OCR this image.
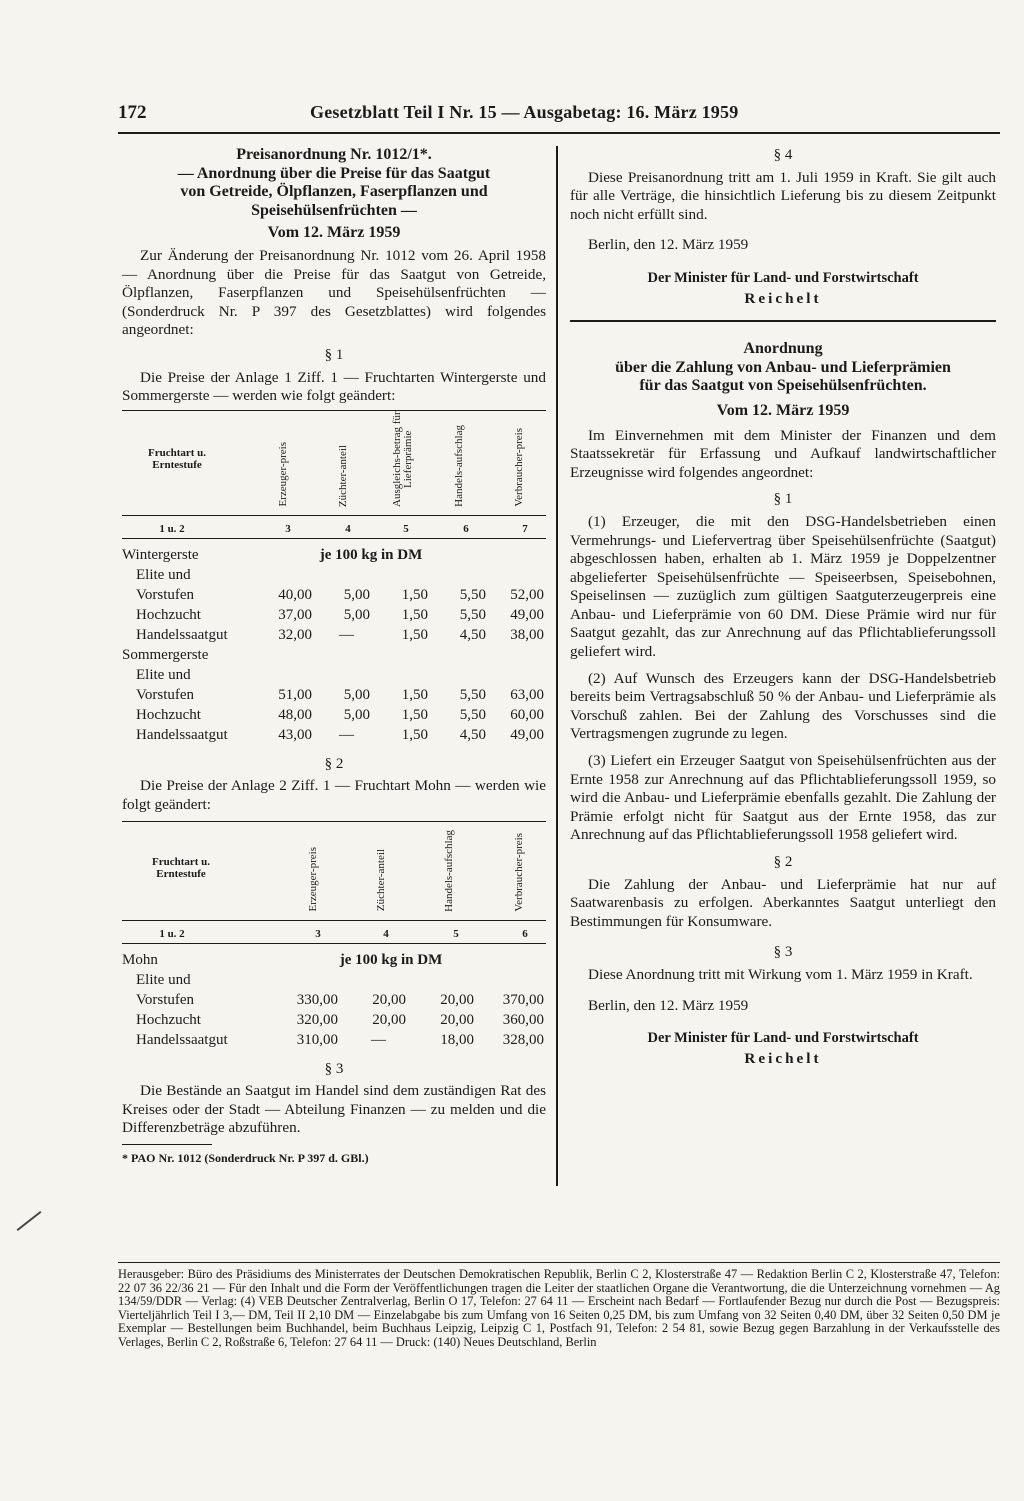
172	Gesetzblatt Teil I Nr. 15 — Ausgabetag: 16. März 1959

Preisanordnung Nr. 1012/1*.

— Anordnung über die Preise für das Saatgut

von Getreide, Ölpflanzen, Faserpflanzen und

Speisehülsenfrüchten —

Vom 12. März 1959

Zur Änderung der Preisanordnung Nr. 1012 vom 26. April 1958 — Anordnung über die Preise für das Saatgut von Getreide, Ölpflanzen, Faserpflanzen und Speisehülsenfrüchten — (Sonderdruck Nr. P 397 des Gesetzblattes) wird folgendes angeordnet:

§ 1

Die Preise der Anlage 1 Ziff. 1 — Fruchtarten Wintergerste und Sommergerste — werden wie folgt geändert:

Fruchtart u. Erntestufe	Erzeuger-preis	Züchter-anteil	Ausgleichs-betrag für Lieferprämie	Handels-aufschlag	Verbraucher-preis
1 u. 2	3	4	5	6	7
Wintergerste	je 100 kg in DM				
Elite und					
Vorstufen	40,00	5,00	1,50	5,50	52,00
Hochzucht	37,00	5,00	1,50	5,50	49,00
Handelssaatgut	32,00	—	1,50	4,50	38,00
Sommergerste					
Elite und					
Vorstufen	51,00	5,00	1,50	5,50	63,00
Hochzucht	48,00	5,00	1,50	5,50	60,00
Handelssaatgut	43,00	—	1,50	4,50	49,00

§ 2

Die Preise der Anlage 2 Ziff. 1 — Fruchtart Mohn — werden wie folgt geändert:

Fruchtart u. Erntestufe	Erzeuger-preis	Züchter-anteil	Handels-aufschlag	Verbraucher-preis
1 u. 2	3	4	5	6
Mohn	je 100 kg in DM			
Elite und				
Vorstufen	330,00	20,00	20,00	370,00
Hochzucht	320,00	20,00	20,00	360,00
Handelssaatgut	310,00	—	18,00	328,00

§ 3

Die Bestände an Saatgut im Handel sind dem zuständigen Rat des Kreises oder der Stadt — Abteilung Finanzen — zu melden und die Differenzbeträge abzuführen.

* PAO Nr. 1012 (Sonderdruck Nr. P 397 d. GBl.)

§ 4

Diese Preisanordnung tritt am 1. Juli 1959 in Kraft. Sie gilt auch für alle Verträge, die hinsichtlich Lieferung bis zu diesem Zeitpunkt noch nicht erfüllt sind.

Berlin, den 12. März 1959

Der Minister für Land- und Forstwirtschaft

Reichelt

Anordnung

über die Zahlung von Anbau- und Lieferprämien

für das Saatgut von Speisehülsenfrüchten.

Vom 12. März 1959

Im Einvernehmen mit dem Minister der Finanzen und dem Staatssekretär für Erfassung und Aufkauf landwirtschaftlicher Erzeugnisse wird folgendes angeordnet:

§ 1

(1) Erzeuger, die mit den DSG-Handelsbetrieben einen Vermehrungs- und Liefervertrag über Speisehülsenfrüchte (Saatgut) abgeschlossen haben, erhalten ab 1. März 1959 je Doppelzentner abgelieferter Speisehülsenfrüchte — Speiseerbsen, Speisebohnen, Speiselinsen — zuzüglich zum gültigen Saatguterzeugerpreis eine Anbau- und Lieferprämie von 60 DM. Diese Prämie wird nur für Saatgut gezahlt, das zur Anrechnung auf das Pflichtablieferungssoll geliefert wird.

(2) Auf Wunsch des Erzeugers kann der DSG-Handelsbetrieb bereits beim Vertragsabschluß 50 % der Anbau- und Lieferprämie als Vorschuß zahlen. Bei der Zahlung des Vorschusses sind die Vertragsmengen zugrunde zu legen.

(3) Liefert ein Erzeuger Saatgut von Speisehülsenfrüchten aus der Ernte 1958 zur Anrechnung auf das Pflichtablieferungssoll 1959, so wird die Anbau- und Lieferprämie ebenfalls gezahlt. Die Zahlung der Prämie erfolgt nicht für Saatgut aus der Ernte 1958, das zur Anrechnung auf das Pflichtablieferungssoll 1958 geliefert wird.

§ 2

Die Zahlung der Anbau- und Lieferprämie hat nur auf Saatwarenbasis zu erfolgen. Aberkanntes Saatgut unterliegt den Bestimmungen für Konsumware.

§ 3

Diese Anordnung tritt mit Wirkung vom 1. März 1959 in Kraft.

Berlin, den 12. März 1959

Der Minister für Land- und Forstwirtschaft

Reichelt

Herausgeber: Büro des Präsidiums des Ministerrates der Deutschen Demokratischen Republik, Berlin C 2, Klosterstraße 47 — Redaktion Berlin C 2, Klosterstraße 47, Telefon: 22 07 36 22/36 21 — Für den Inhalt und die Form der Veröffentlichungen tragen die Leiter der staatlichen Organe die Verantwortung, die die Unterzeichnung vornehmen — Ag 134/59/DDR — Verlag: (4) VEB Deutscher Zentralverlag, Berlin O 17, Telefon: 27 64 11 — Erscheint nach Bedarf — Fortlaufender Bezug nur durch die Post — Bezugspreis: Vierteljährlich Teil I 3,— DM, Teil II 2,10 DM — Einzelabgabe bis zum Umfang von 16 Seiten 0,25 DM, bis zum Umfang von 32 Seiten 0,40 DM, über 32 Seiten 0,50 DM je Exemplar — Bestellungen beim Buchhandel, beim Buchhaus Leipzig, Leipzig C 1, Postfach 91, Telefon: 2 54 81, sowie Bezug gegen Barzahlung in der Verkaufsstelle des Verlages, Berlin C 2, Roßstraße 6, Telefon: 27 64 11 — Druck: (140) Neues Deutschland, Berlin
